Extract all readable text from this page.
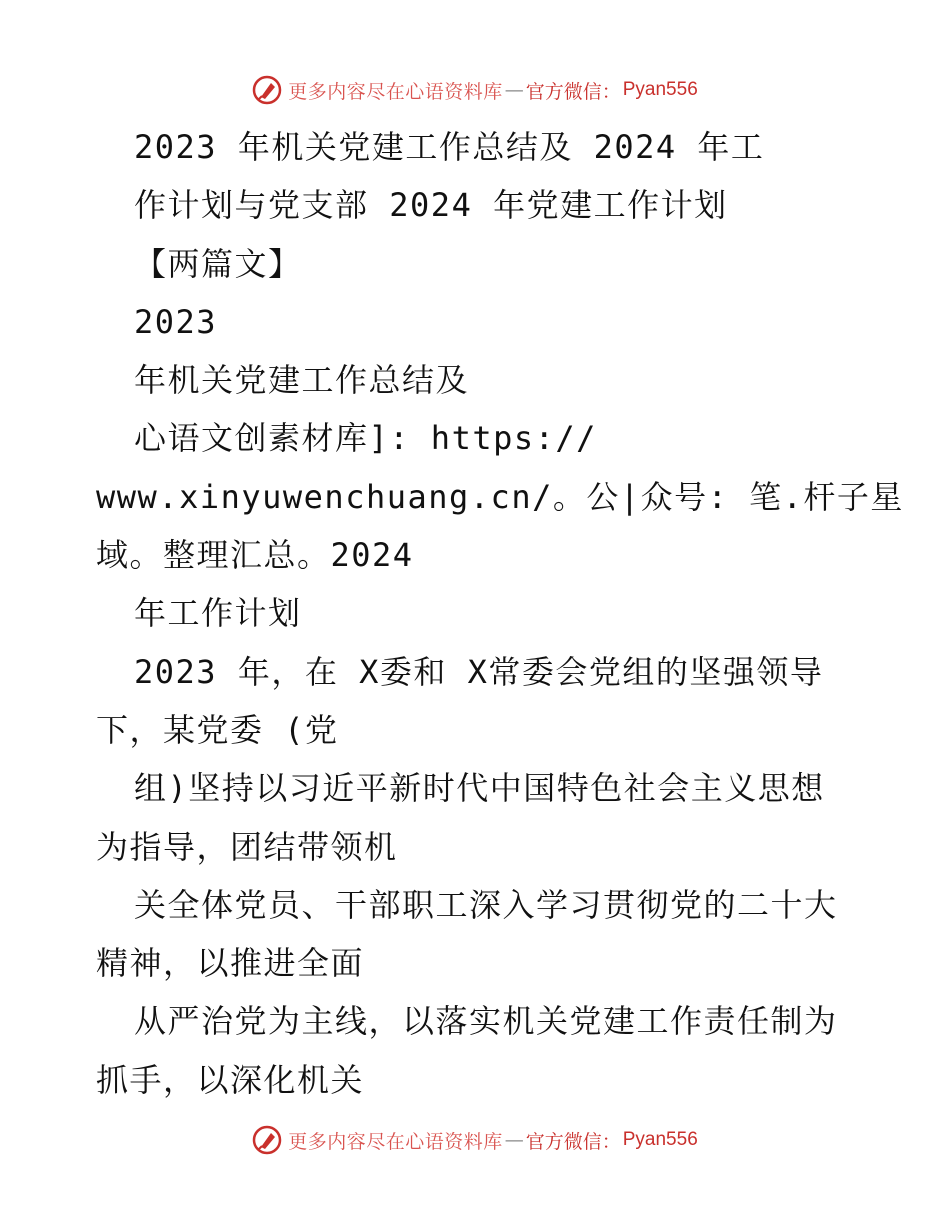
更多内容尽在心语资料库 — 官方微信： Pyan556
2023 年机关党建工作总结及 2024 年工
作计划与党支部 2024 年党建工作计划
【两篇文】
2023
年机关党建工作总结及
心语文创素材库]: https://
www.xinyuwenchuang.cn/。公|众号: 笔.杆子星
域。整理汇总。2024
年工作计划
2023 年，在 X委和 X常委会党组的坚强领导
下，某党委 (党
组)坚持以习近平新时代中国特色社会主义思想
为指导，团结带领机
关全体党员、干部职工深入学习贯彻党的二十大
精神，以推进全面
从严治党为主线，以落实机关党建工作责任制为
抓手，以深化机关
更多内容尽在心语资料库 — 官方微信： Pyan556
